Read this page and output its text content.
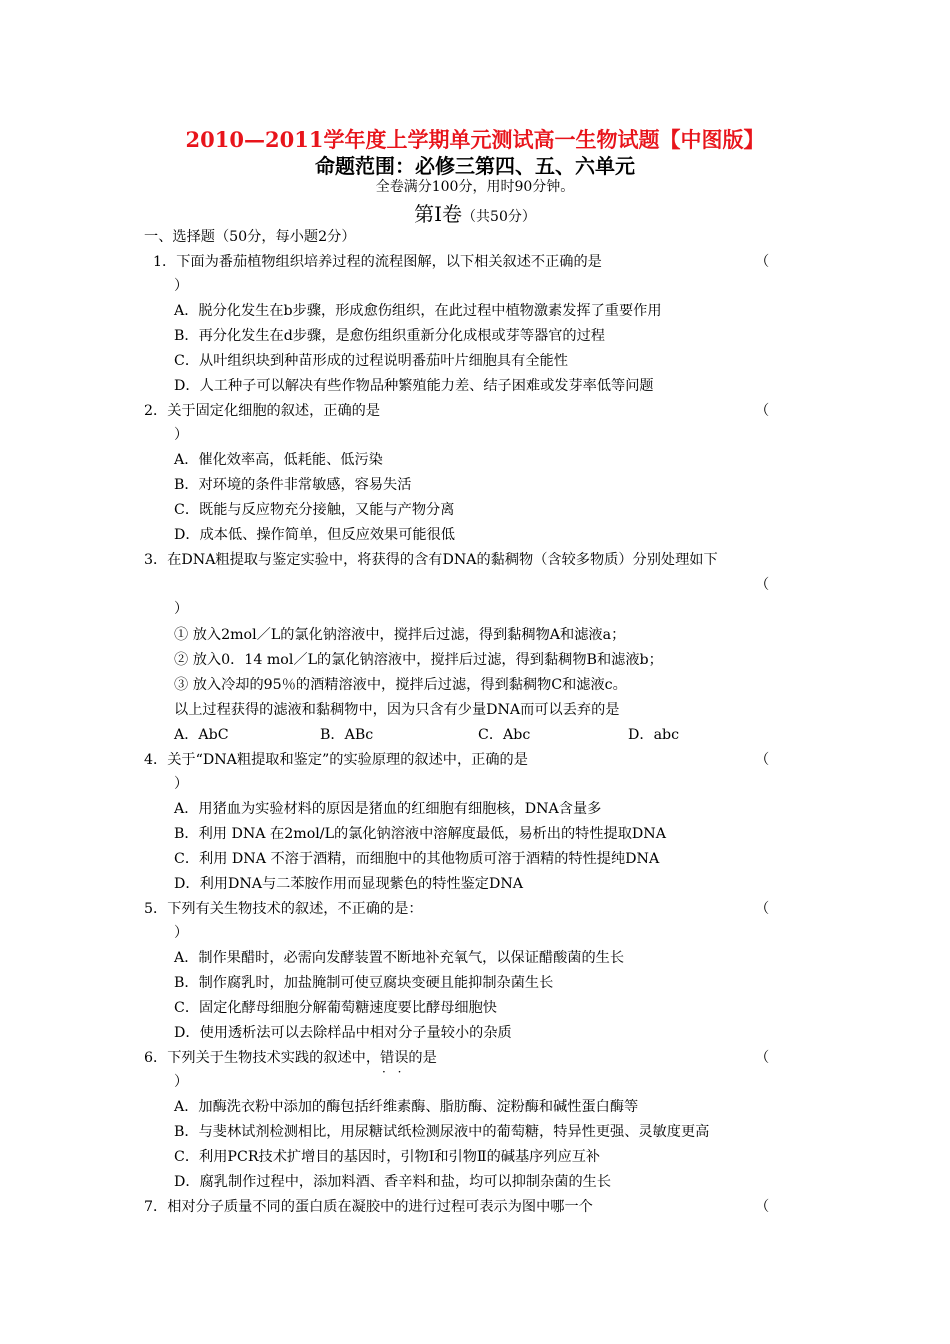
2010—2011学年度上学期单元测试高一生物试题【中图版】
命题范围：必修三第四、五、六单元
全卷满分100分，用时90分钟。
第Ⅰ卷（共50分）
一、选择题（50分，每小题2分）
1．下面为番茄植物组织培养过程的流程图解，以下相关叙述不正确的是	（
）
A．脱分化发生在b步骤，形成愈伤组织，在此过程中植物激素发挥了重要作用
B．再分化发生在d步骤，是愈伤组织重新分化成根或芽等器官的过程
C．从叶组织块到种苗形成的过程说明番茄叶片细胞具有全能性
D．人工种子可以解决有些作物品种繁殖能力差、结子困难或发芽率低等问题
2．关于固定化细胞的叙述，正确的是	（
）
A．催化效率高，低耗能、低污染
B．对环境的条件非常敏感，容易失活
C．既能与反应物充分接触，又能与产物分离
D．成本低、操作简单，但反应效果可能很低
3．在DNA粗提取与鉴定实验中，将获得的含有DNA的黏稠物（含较多物质）分别处理如下
（
）
① 放入2mol／L的氯化钠溶液中，搅拌后过滤，得到黏稠物A和滤液a；
② 放入0．14 mol／L的氯化钠溶液中，搅拌后过滤，得到黏稠物B和滤液b；
③ 放入冷却的95％的酒精溶液中，搅拌后过滤，得到黏稠物C和滤液c。
以上过程获得的滤液和黏稠物中，因为只含有少量DNA而可以丢弃的是
A．AbC	B．ABc	C．Abc	D．abc
4．关于“DNA粗提取和鉴定”的实验原理的叙述中，正确的是	（
）
A．用猪血为实验材料的原因是猪血的红细胞有细胞核，DNA含量多
B．利用 DNA 在2mol/L的氯化钠溶液中溶解度最低，易析出的特性提取DNA
C．利用 DNA 不溶于酒精，而细胞中的其他物质可溶于酒精的特性提纯DNA
D．利用DNA与二苯胺作用而显现紫色的特性鉴定DNA
5．下列有关生物技术的叙述，不正确的是：	（
）
A．制作果醋时，必需向发酵装置不断地补充氧气，以保证醋酸菌的生长
B．制作腐乳时，加盐腌制可使豆腐块变硬且能抑制杂菌生长
C．固定化酵母细胞分解葡萄糖速度要比酵母细胞快
D．使用透析法可以去除样品中相对分子量较小的杂质
6．下列关于生物技术实践的叙述中，错误 · ·的是	（
）
A．加酶洗衣粉中添加的酶包括纤维素酶、脂肪酶、淀粉酶和碱性蛋白酶等
B．与斐林试剂检测相比，用尿糖试纸检测尿液中的葡萄糖，特异性更强、灵敏度更高
C．利用PCR技术扩增目的基因时，引物Ⅰ和引物Ⅱ的碱基序列应互补
D．腐乳制作过程中，添加料酒、香辛料和盐，均可以抑制杂菌的生长
7．相对分子质量不同的蛋白质在凝胶中的进行过程可表示为图中哪一个	（
